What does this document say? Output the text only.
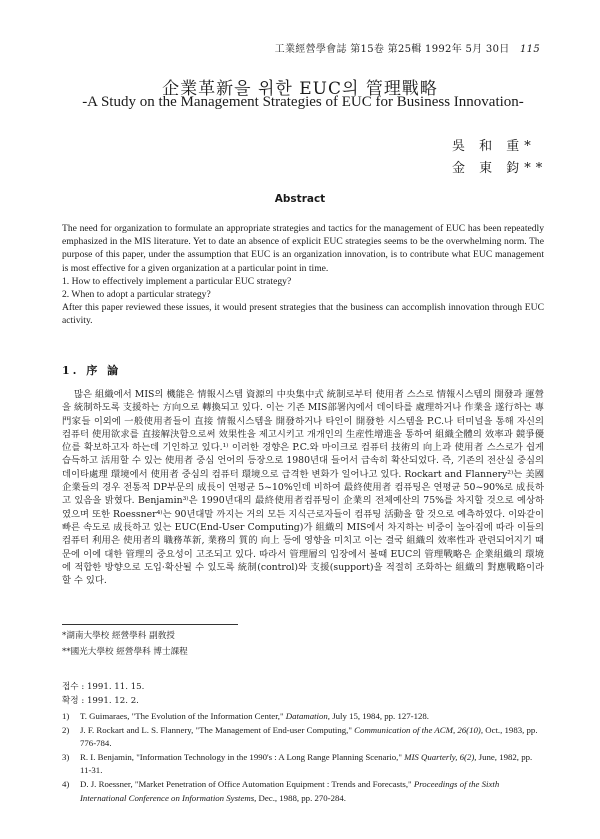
工業經營學會誌 第15卷 第25輯 1992年 5月 30日 115
企業革新을 위한 EUC의 管理戰略
-A Study on the Management Strategies of EUC for Business Innovation-
吳 和 重*
金 東 鈞**
Abstract

The need for organization to formulate an appropriate strategies and tactics for the management of EUC has been repeatedly emphasized in the MIS literature. Yet to date an absence of explicit EUC strategies seems to be the overwhelming norm. The purpose of this paper, under the assumption that EUC is an organization innovation, is to contribute what EUC management is most effective for a given organization at a particular point in time.

1. How to effectively implement a particular EUC strategy?

2. When to adopt a particular strategy?

After this paper reviewed these issues, it would present strategies that the business can accomplish innovation through EUC activity.

1. 序 論

많은 組織에서 MIS의 機能은 情報시스템 資源의 中央集中式 統制로부터 使用者 스스로 情報시스템의 開發과 運營을 統制하도록 支援하는 方向으로 轉換되고 있다. 이는 기존 MIS部署內에서 데이타를 處理하거나 作業을 遂行하는 專門家들 이외에 一般使用者들이 直接 情報시스템을 開發하거나 타인이 開發한 시스템을 P.C.나 터미널을 통해 자신의 컴퓨터 使用欲求를 直接解決함으로써 效果性을 제고시키고 개개인의 生産性增進을 통하여 組織全體의 效率과 競爭優位를 확보하고자 하는데 기인하고 있다.¹⁾ 이러한 경향은 P.C.와 마이크로 컴퓨터 技術의 向上과 使用者 스스로가 쉽게 습득하고 活用할 수 있는 使用者 중심 언어의 등장으로 1980년대 들어서 급속히 확산되었다. 즉, 기존의 전산실 중심의 데이타處理 環境에서 使用者 중심의 컴퓨터 環境으로 급격한 변화가 일어나고 있다. Rockart and Flannery²⁾는 美國企業들의 경우 전통적 DP부문의 成長이 연평균 5~10%인데 비하여 最終使用者 컴퓨팅은 연평균 50~90%로 成長하고 있음을 밝혔다. Benjamin³⁾은 1990년대의 最終使用者컴퓨팅이 企業의 전체예산의 75%를 차지할 것으로 예상하였으며 또한 Roessner⁴⁾는 90년대말 까지는 거의 모든 지식근로자들이 컴퓨팅 活動을 할 것으로 예측하였다. 이와같이 빠른 속도로 成長하고 있는 EUC(End-User Computing)가 組織의 MIS에서 차지하는 비중이 높아짐에 따라 이들의 컴퓨터 利用은 使用者의 職務革新, 業務의 質的 向上 등에 영향을 미치고 이는 결국 組織의 效率性과 관련되어지기 때문에 이에 대한 管理의 중요성이 고조되고 있다. 따라서 管理層의 입장에서 볼때 EUC의 管理戰略은 企業組織의 環境에 적합한 방향으로 도입·확산될 수 있도록 統制(control)와 支援(support)을 적절히 조화하는 組織의 對應戰略이라 할 수 있다.

*湖南大學校 經營學科 副敎授
**國光大學校 經營學科 博士課程
접수 : 1991. 11. 15.
확정 : 1991. 12. 2.
1) T. Guimaraes, "The Evolution of the Information Center," Datamation, July 15, 1984, pp. 127-128.
2) J. F. Rockart and L. S. Flannery, "The Management of End-user Computing," Communication of the ACM, 26(10), Oct., 1983, pp. 776-784.
3) R. I. Benjamin, "Information Technology in the 1990's : A Long Range Planning Scenario," MIS Quarterly, 6(2), June, 1982, pp. 11-31.
4) D. J. Roessner, "Market Penetration of Office Automation Equipment : Trends and Forecasts," Proceedings of the Sixth International Conference on Information Systems, Dec., 1988, pp. 270-284.
